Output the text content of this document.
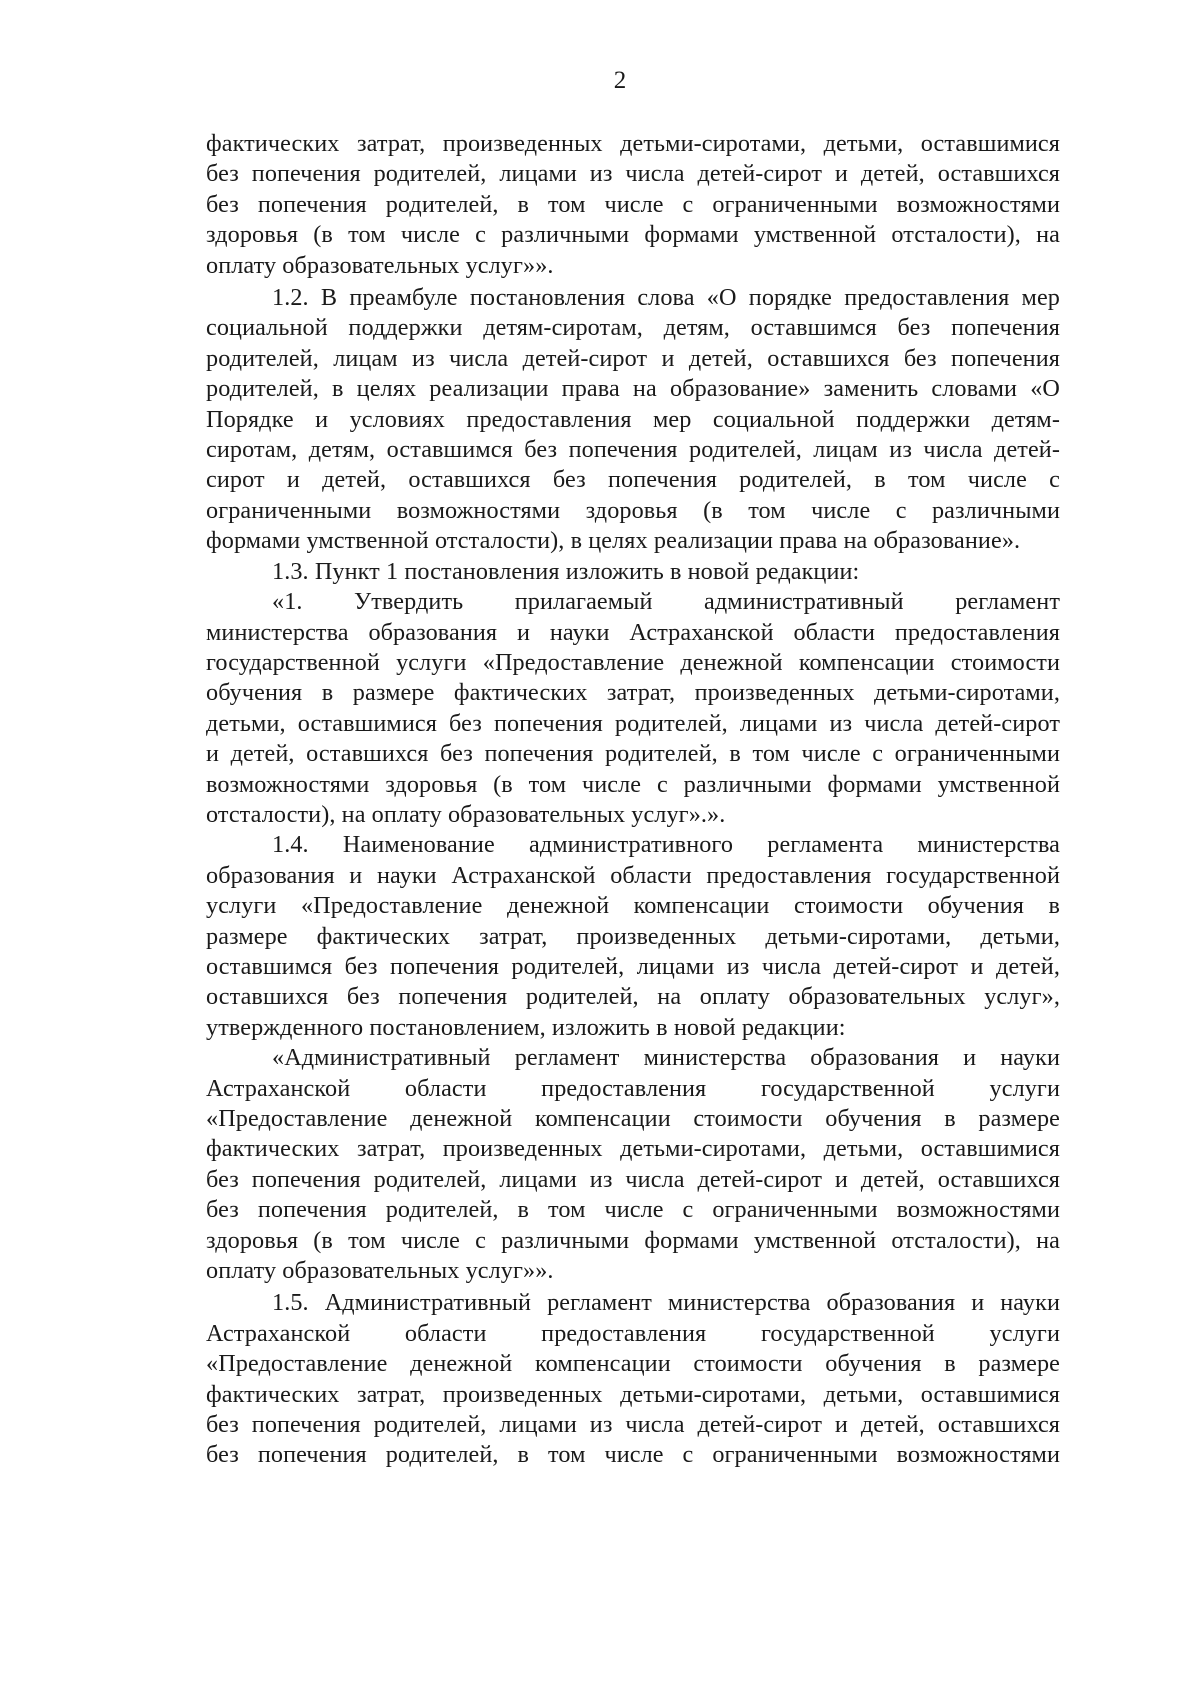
2
фактических затрат, произведенных детьми-сиротами, детьми, оставшимися
без попечения родителей, лицами из числа детей-сирот и детей, оставшихся
без попечения родителей, в том числе с ограниченными возможностями
здоровья (в том числе с различными формами умственной отсталости), на
оплату образовательных услуг»».
1.2. В преамбуле постановления слова «О порядке предоставления мер
социальной поддержки детям-сиротам, детям, оставшимся без попечения
родителей, лицам из числа детей-сирот и детей, оставшихся без попечения
родителей, в целях реализации права на образование» заменить словами «О
Порядке и условиях предоставления мер социальной поддержки детям-
сиротам, детям, оставшимся без попечения родителей, лицам из числа детей-
сирот и детей, оставшихся без попечения родителей, в том числе с
ограниченными возможностями здоровья (в том числе с различными
формами умственной отсталости), в целях реализации права на образование».
1.3. Пункт 1 постановления изложить в новой редакции:
«1. Утвердить прилагаемый административный регламент
министерства образования и науки Астраханской области предоставления
государственной услуги «Предоставление денежной компенсации стоимости
обучения в размере фактических затрат, произведенных детьми-сиротами,
детьми, оставшимися без попечения родителей, лицами из числа детей-сирот
и детей, оставшихся без попечения родителей, в том числе с ограниченными
возможностями здоровья (в том числе с различными формами умственной
отсталости), на оплату образовательных услуг».».
1.4. Наименование административного регламента министерства
образования и науки Астраханской области предоставления государственной
услуги «Предоставление денежной компенсации стоимости обучения в
размере фактических затрат, произведенных детьми-сиротами, детьми,
оставшимся без попечения родителей, лицами из числа детей-сирот и детей,
оставшихся без попечения родителей, на оплату образовательных услуг»,
утвержденного постановлением, изложить в новой редакции:
«Административный регламент министерства образования и науки
Астраханской области предоставления государственной услуги
«Предоставление денежной компенсации стоимости обучения в размере
фактических затрат, произведенных детьми-сиротами, детьми, оставшимися
без попечения родителей, лицами из числа детей-сирот и детей, оставшихся
без попечения родителей, в том числе с ограниченными возможностями
здоровья (в том числе с различными формами умственной отсталости), на
оплату образовательных услуг»».
1.5. Административный регламент министерства образования и науки
Астраханской области предоставления государственной услуги
«Предоставление денежной компенсации стоимости обучения в размере
фактических затрат, произведенных детьми-сиротами, детьми, оставшимися
без попечения родителей, лицами из числа детей-сирот и детей, оставшихся
без попечения родителей, в том числе с ограниченными возможностями
